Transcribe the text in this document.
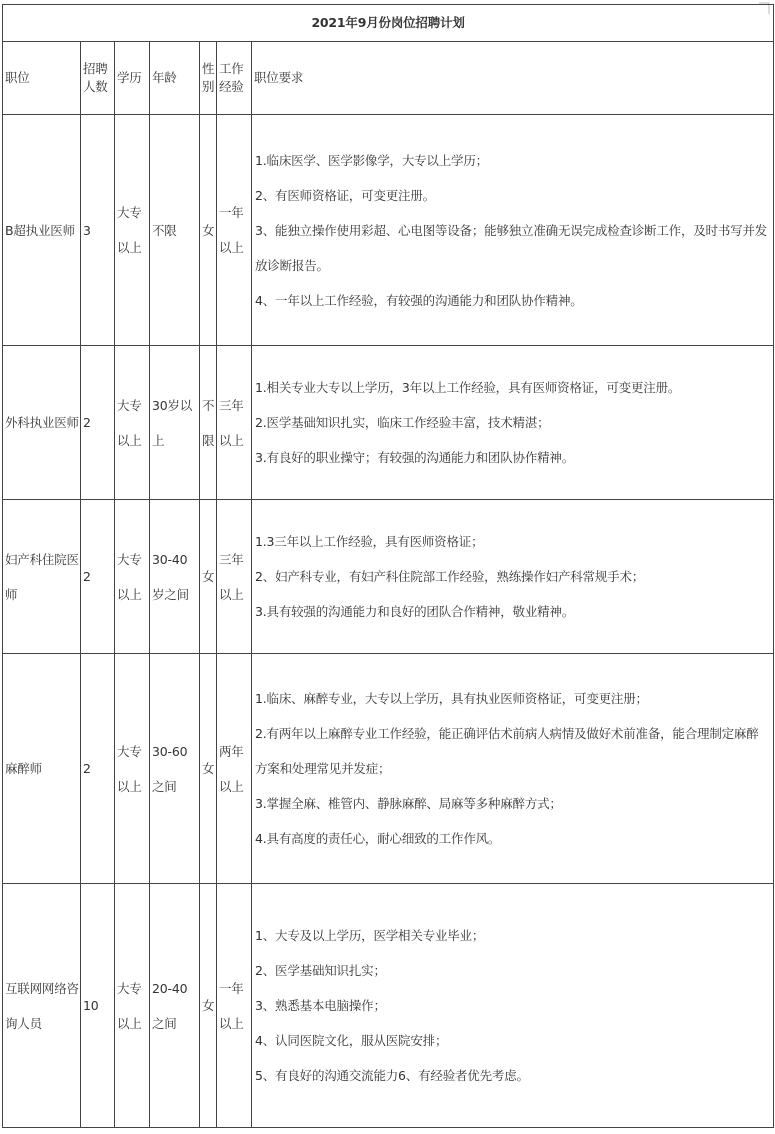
2021年9月份岗位招聘计划						
职位	招聘人数	学历	年龄	性别	工作经验	职位要求
B超执业医师	3	大专以上	不限	女	一年以上	1.临床医学、医学影像学，大专以上学历；

2、有医师资格证，可变更注册。

3、能独立操作使用彩超、心电图等设备；能够独立准确无误完成检查诊断工作，及时书写并发放诊断报告。

4、一年以上工作经验，有较强的沟通能力和团队协作精神。

外科执业医师	2	大专以上	30岁以上	不限	三年以上	1.相关专业大专以上学历，3年以上工作经验，具有医师资格证，可变更注册。

2.医学基础知识扎实，临床工作经验丰富，技术精湛；

3.有良好的职业操守；有较强的沟通能力和团队协作精神。

妇产科住院医师	2	大专以上	30-40岁之间	女	三年以上	1.3三年以上工作经验，具有医师资格证；

2、妇产科专业，有妇产科住院部工作经验，熟练操作妇产科常规手术；

3.具有较强的沟通能力和良好的团队合作精神，敬业精神。

麻醉师	2	大专以上	30-60之间	女	两年以上	1.临床、麻醉专业，大专以上学历，具有执业医师资格证，可变更注册；

2.有两年以上麻醉专业工作经验，能正确评估术前病人病情及做好术前准备，能合理制定麻醉方案和处理常见并发症；

3.掌握全麻、椎管内、静脉麻醉、局麻等多种麻醉方式；

4.具有高度的责任心，耐心细致的工作作风。

互联网网络咨询人员	10	大专以上	20-40之间	女	一年以上	1、大专及以上学历，医学相关专业毕业；

2、医学基础知识扎实；

3、熟悉基本电脑操作；

4、认同医院文化，服从医院安排；

5、有良好的沟通交流能力6、有经验者优先考虑。
